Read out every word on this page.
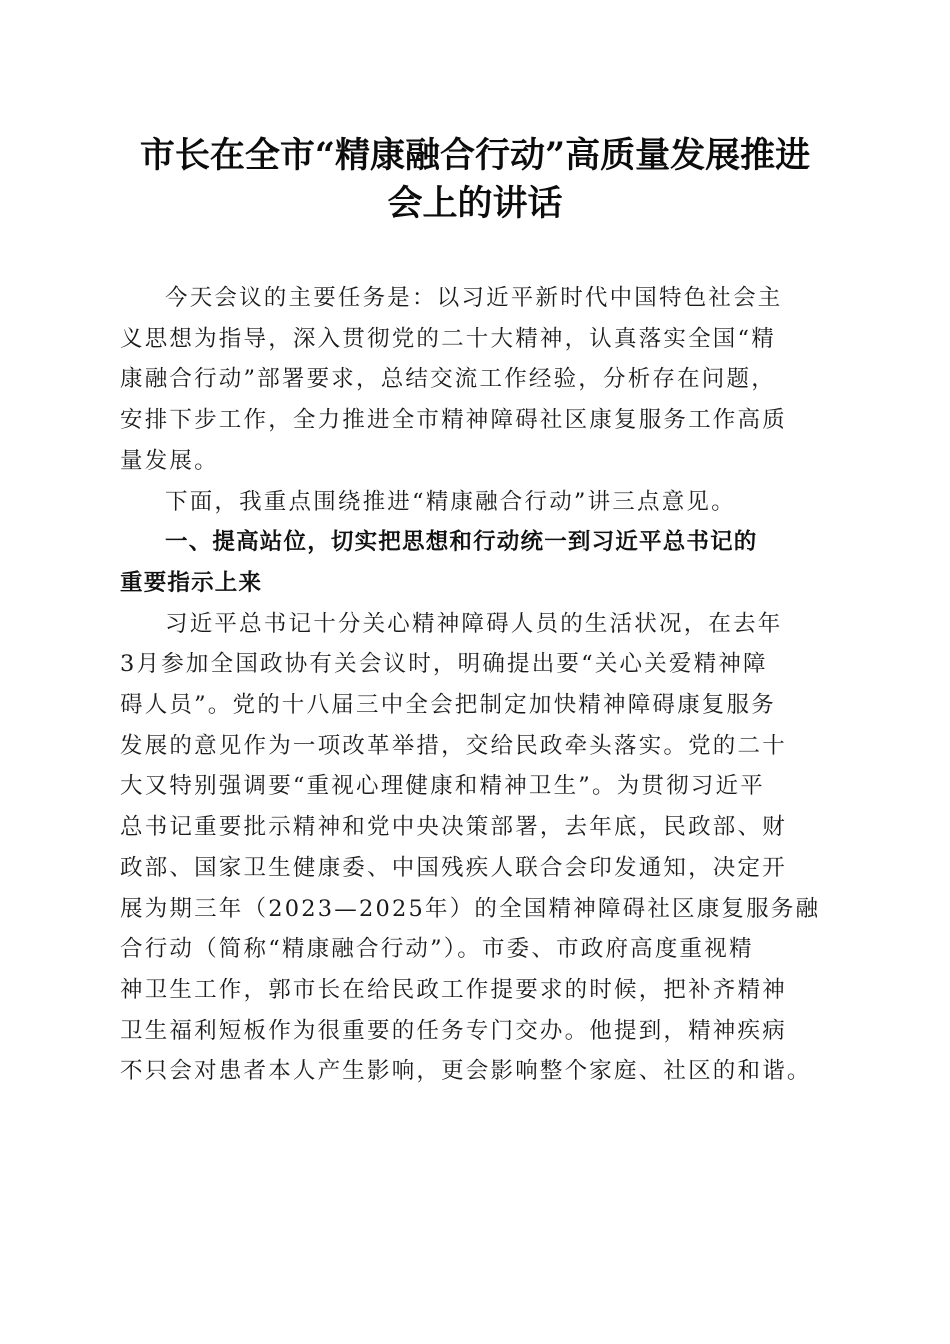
市长在全市“精康融合行动”高质量发展推进
会上的讲话
今天会议的主要任务是：以习近平新时代中国特色社会主
义思想为指导，深入贯彻党的二十大精神，认真落实全国“精
康融合行动”部署要求，总结交流工作经验，分析存在问题，
安排下步工作，全力推进全市精神障碍社区康复服务工作高质
量发展。
下面，我重点围绕推进“精康融合行动”讲三点意见。
一、提高站位，切实把思想和行动统一到习近平总书记的
重要指示上来
习近平总书记十分关心精神障碍人员的生活状况，在去年
3月参加全国政协有关会议时，明确提出要“关心关爱精神障
碍人员”。党的十八届三中全会把制定加快精神障碍康复服务
发展的意见作为一项改革举措，交给民政牵头落实。党的二十
大又特别强调要“重视心理健康和精神卫生”。为贯彻习近平
总书记重要批示精神和党中央决策部署，去年底，民政部、财
政部、国家卫生健康委、中国残疾人联合会印发通知，决定开
展为期三年（2023—2025年）的全国精神障碍社区康复服务融
合行动（简称“精康融合行动”）。市委、市政府高度重视精
神卫生工作，郭市长在给民政工作提要求的时候，把补齐精神
卫生福利短板作为很重要的任务专门交办。他提到，精神疾病
不只会对患者本人产生影响，更会影响整个家庭、社区的和谐。
